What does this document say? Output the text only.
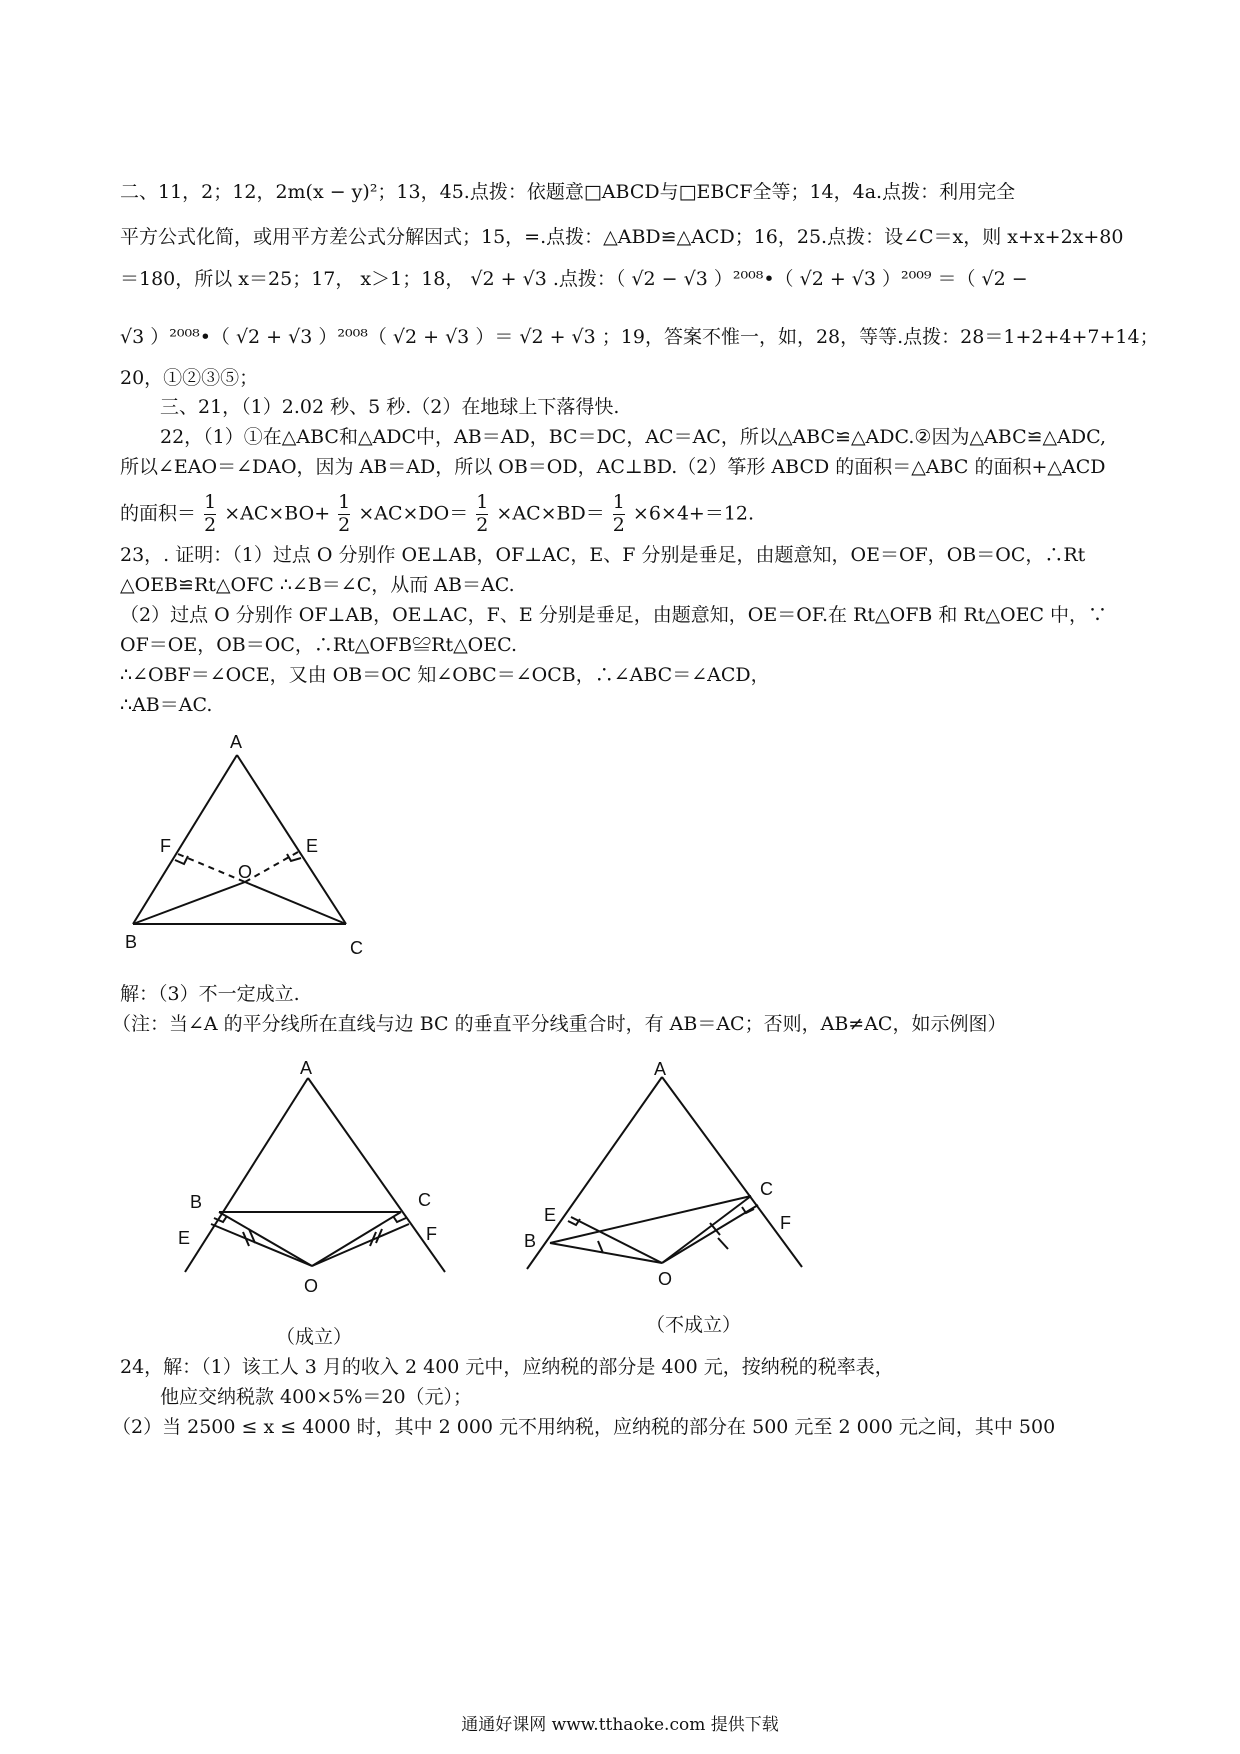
二、11，2；12，2m(x − y)²；13，45.点拨：依题意□ABCD与□EBCF全等；14，4a.点拨：利用完全
平方公式化简，或用平方差公式分解因式；15，=.点拨：△ABD≌△ACD；16，25.点拨：设∠C＝x，则 x+x+2x+80
＝180，所以 x＝25；17， x＞1；18， √2 + √3 .点拨：（ √2 − √3 ）²⁰⁰⁸•（ √2 + √3 ）²⁰⁰⁹ ＝（ √2 −
√3 ）²⁰⁰⁸•（ √2 + √3 ）²⁰⁰⁸（ √2 + √3 ）＝ √2 + √3 ；19，答案不惟一，如，28，等等.点拨：28＝1+2+4+7+14；
20，①②③⑤；
三、21，（1）2.02 秒、5 秒.（2）在地球上下落得快.
22，（1）①在△ABC和△ADC中，AB＝AD，BC＝DC，AC＝AC，所以△ABC≌△ADC.②因为△ABC≌△ADC,
所以∠EAO＝∠DAO，因为 AB＝AD，所以 OB＝OD，AC⊥BD.（2）筝形 ABCD 的面积＝△ABC 的面积+△ACD
的面积＝ $\frac{1}{2} \times AC\times BO+ \frac{1}{2} \times AC\times DO= \frac{1}{2} \times AC\times BD= \frac{1}{2} \times 6\times 4+=12$.
23，. 证明：（1）过点 O 分别作 OE⊥AB，OF⊥AC，E、F 分别是垂足，由题意知，OE＝OF，OB＝OC，∴Rt
△OEB≌Rt△OFC ∴∠B＝∠C，从而 AB＝AC.
（2）过点 O 分别作 OF⊥AB，OE⊥AC，F、E 分别是垂足，由题意知，OE＝OF.在 Rt△OFB 和 Rt△OEC 中，∵
OF＝OE，OB＝OC，∴Rt△OFB≌Rt△OEC.
∴∠OBF＝∠OCE，又由 OB＝OC 知∠OBC＝∠OCB，∴∠ABC＝∠ACD，
∴AB＝AC.
A
F	E
O
B	C
解：（3）不一定成立.
（注：当∠A 的平分线所在直线与边 BC 的垂直平分线重合时，有 AB＝AC；否则，AB≠AC，如示例图）
A
B	C
E	F
O
（成立）
A
E
B
C
F
O
（不成立）
24，解：（1）该工人 3 月的收入 2 400 元中，应纳税的部分是 400 元，按纳税的税率表，
他应交纳税款 400×5%＝20（元）；
（2）当 2500 ≤ x ≤ 4000 时，其中 2 000 元不用纳税，应纳税的部分在 500 元至 2 000 元之间，其中 500
通通好课网 www.tthaoke.com 提供下载
